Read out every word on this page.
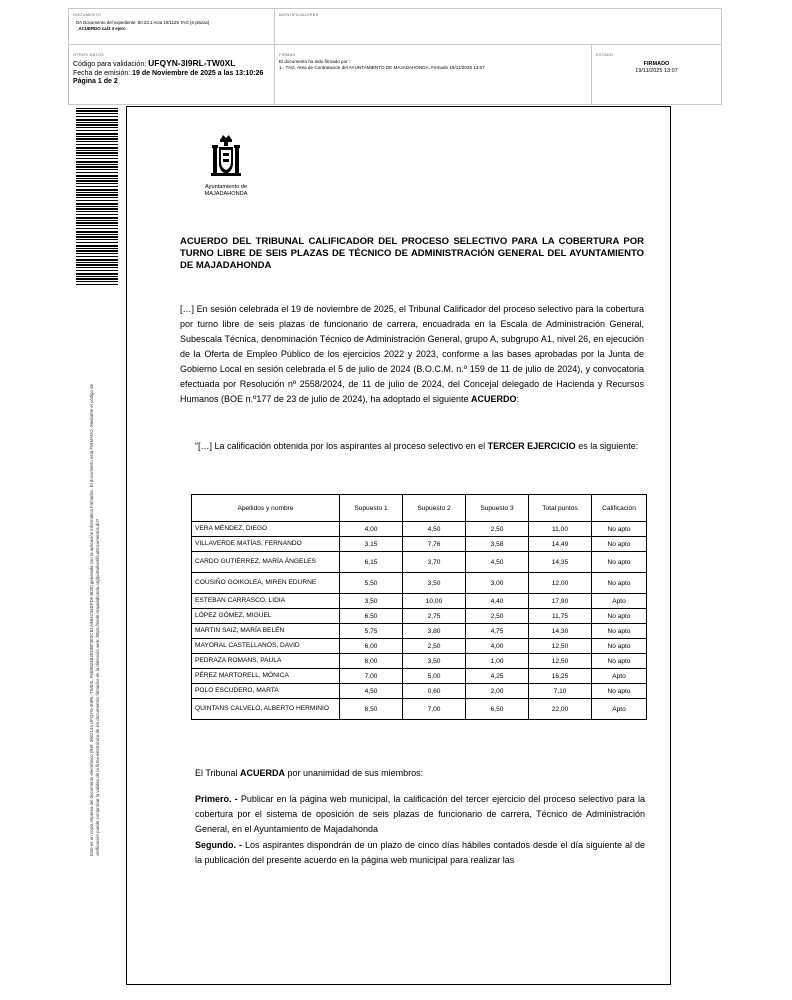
DOCUMENTO
DA Documento del expediente: 80.23.1 Acta 19/1125 TAG (6 plazas)
_ACUERDO cal3 3 ejerc
IDENTIFICADORES
OTROS DATOS
Código para validación: UFQYN-3I9RL-TW0XL
Fecha de emisión: 19 de Noviembre de 2025 a las 13:10:26
Página 1 de 2
FIRMAS
El documento ha sido firmado por :
1.- TAG. Area de Contratacion del AYUNTAMIENTO DE MAJADAHONDA. Firmado 19/11/2025 13:07
ESTADO
FIRMADO
19/11/2025 13:07
Este es un copia impresa del documento electrónico (Ref: 3902144 UFQYN-3I9RL-TW0XL F6B9524B2EDBF3E9CB1A9B4C94EPDF4520) generada con la aplicación informática Firmadoc. El documento está FIRMADO. Mediante el código de verificación puede comprobar la validez de la firma electrónica de los documentos firmados en la dirección web: https://sede.majadahonda.org/portal/verificaDocumentos.do?
Ayuntamiento de
MAJADAHONDA
ACUERDO DEL TRIBUNAL CALIFICADOR DEL PROCESO SELECTIVO PARA LA COBERTURA POR TURNO LIBRE DE SEIS PLAZAS DE TÉCNICO DE ADMINISTRACIÓN GENERAL DEL AYUNTAMIENTO DE MAJADAHONDA
[…] En sesión celebrada el 19 de noviembre de 2025, el Tribunal Calificador del proceso selectivo para la cobertura por turno libre de seis plazas de funcionario de carrera, encuadrada en la Escala de Administración General, Subescala Técnica, denominación Técnico de Administración General, grupo A, subgrupo A1, nivel 26, en ejecución de la Oferta de Empleo Público de los ejercicios 2022 y 2023, conforme a las bases aprobadas por la Junta de Gobierno Local en sesión celebrada el 5 de julio de 2024 (B.O.C.M. n.º 159 de 11 de julio de 2024), y convocatoria efectuada por Resolución nº 2558/2024, de 11 de julio de 2024, del Concejal delegado de Hacienda y Recursos Humanos (BOE n.º177 de 23 de julio de 2024), ha adoptado el siguiente ACUERDO:
“[…] La calificación obtenida por los aspirantes al proceso selectivo en el TERCER EJERCICIO es la siguiente:
Apellidos y nombre	Supuesto 1	Supuesto 2	Supuesto 3	Total puntos	Calificación
VERA MÉNDEZ, DIEGO	4,00	4,50	2,50	11,00	No apto
VILLAVERDE MATÍAS, FERNANDO	3,15	7,76	3,58	14,49	No apto
CARDO GUTIÉRREZ, MARÍA ÁNGELES	6,15	3,70	4,50	14,35	No apto
COUSIÑO GOIKOLEA, MIREN EDURNE	5,50	3,50	3,00	12,00	No apto
ESTEBAN CARRASCO, LIDIA	3,50	10,00	4,40	17,90	Apto
LÓPEZ GÓMEZ, MIGUEL	6,50	2,75	2,50	11,75	No apto
MARTIN SAIZ, MARÍA BELÉN	5,75	3,80	4,75	14,30	No apto
MAYORAL CASTELLANOS, DAVID	6,00	2,50	4,00	12,50	No apto
PEDRAZA ROMANS, PAULA	8,00	3,50	1,00	12,50	No apto
PÉREZ MARTORELL, MÓNICA	7,00	5,00	4,25	16,25	Apto
POLO ESCUDERO, MARTA	4,50	0,60	2,00	7,10	No apto
QUINTANS CALVELO, ALBERTO HERMINIO	8,50	7,00	6,50	22,00	Apto
El Tribunal ACUERDA por unanimidad de sus miembros:
Primero. - Publicar en la página web municipal, la calificación del tercer ejercicio del proceso selectivo para la cobertura por el sistema de oposición de seis plazas de funcionario de carrera, Técnico de Administración General, en el Ayuntamiento de Majadahonda
Segundo. - Los aspirantes dispondrán de un plazo de cinco días hábiles contados desde el día siguiente al de la publicación del presente acuerdo en la página web municipal para realizar las
